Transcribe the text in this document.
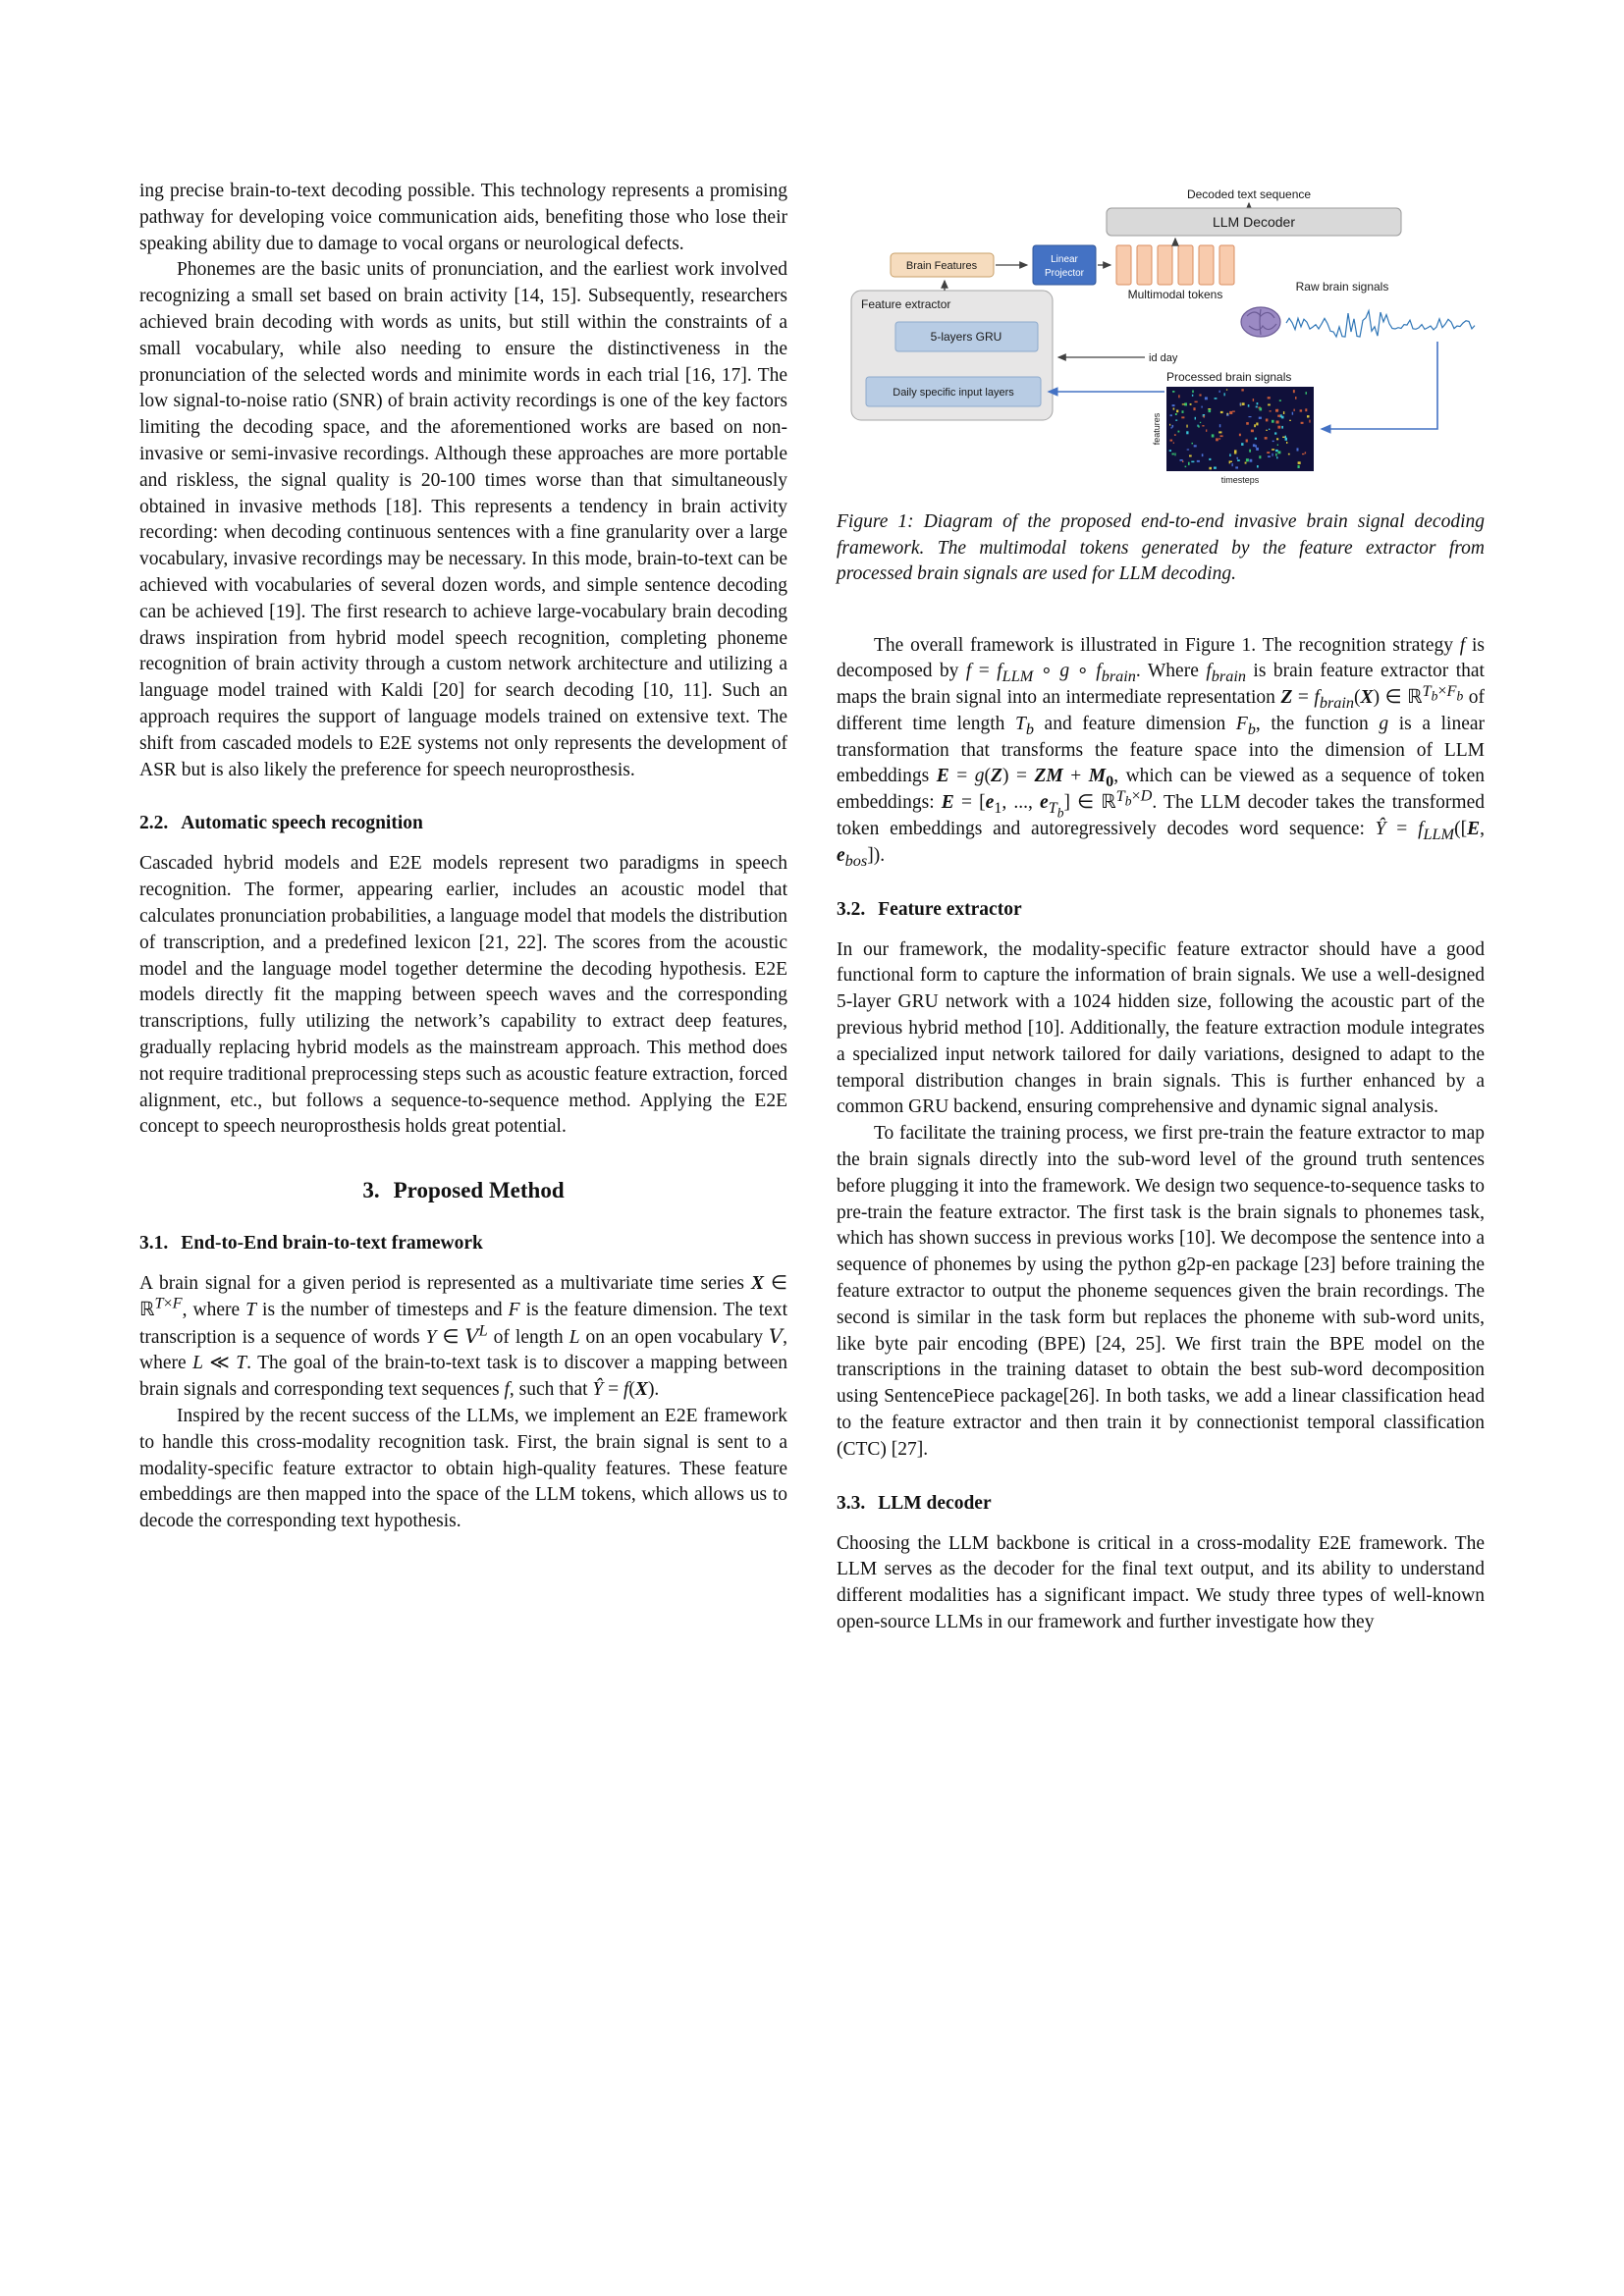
ing precise brain-to-text decoding possible. This technology represents a promising pathway for developing voice communication aids, benefiting those who lose their speaking ability due to damage to vocal organs or neurological defects.

Phonemes are the basic units of pronunciation, and the earliest work involved recognizing a small set based on brain activity [14, 15]. Subsequently, researchers achieved brain decoding with words as units, but still within the constraints of a small vocabulary, while also needing to ensure the distinctiveness in the pronunciation of the selected words and minimite words in each trial [16, 17]. The low signal-to-noise ratio (SNR) of brain activity recordings is one of the key factors limiting the decoding space, and the aforementioned works are based on non-invasive or semi-invasive recordings. Although these approaches are more portable and riskless, the signal quality is 20-100 times worse than that simultaneously obtained in invasive methods [18]. This represents a tendency in brain activity recording: when decoding continuous sentences with a fine granularity over a large vocabulary, invasive recordings may be necessary. In this mode, brain-to-text can be achieved with vocabularies of several dozen words, and simple sentence decoding can be achieved [19]. The first research to achieve large-vocabulary brain decoding draws inspiration from hybrid model speech recognition, completing phoneme recognition of brain activity through a custom network architecture and utilizing a language model trained with Kaldi [20] for search decoding [10, 11]. Such an approach requires the support of language models trained on extensive text. The shift from cascaded models to E2E systems not only represents the development of ASR but is also likely the preference for speech neuroprosthesis.

2.2. Automatic speech recognition

Cascaded hybrid models and E2E models represent two paradigms in speech recognition. The former, appearing earlier, includes an acoustic model that calculates pronunciation probabilities, a language model that models the distribution of transcription, and a predefined lexicon [21, 22]. The scores from the acoustic model and the language model together determine the decoding hypothesis. E2E models directly fit the mapping between speech waves and the corresponding transcriptions, fully utilizing the network’s capability to extract deep features, gradually replacing hybrid models as the mainstream approach. This method does not require traditional preprocessing steps such as acoustic feature extraction, forced alignment, etc., but follows a sequence-to-sequence method. Applying the E2E concept to speech neuroprosthesis holds great potential.

3. Proposed Method
3.1. End-to-End brain-to-text framework

A brain signal for a given period is represented as a multivariate time series X ∈ ℝ$^{T\times F}$, where T is the number of timesteps and F is the feature dimension. The text transcription is a sequence of words Y ∈ $V^L$ of length L on an open vocabulary V, where L ≪ T. The goal of the brain-to-text task is to discover a mapping between brain signals and corresponding text sequences f, such that Ŷ = f(X).

Inspired by the recent success of the LLMs, we implement an E2E framework to handle this cross-modality recognition task. First, the brain signal is sent to a modality-specific feature extractor to obtain high-quality features. These feature embeddings are then mapped into the space of the LLM tokens, which allows us to decode the corresponding text hypothesis.

Decoded text sequence
LLM Decoder
Brain Features
Linear
Projector
Multimodal tokens
Raw brain signals
Feature extractor
5-layers GRU
Daily specific input layers
id day
Processed brain signals
features
timesteps
Figure 1: Diagram of the proposed end-to-end invasive brain signal decoding framework. The multimodal tokens generated by the feature extractor from processed brain signals are used for LLM decoding.

The overall framework is illustrated in Figure 1. The recognition strategy f is decomposed by $f = f_{LLM}$ ∘ g ∘ $f_{brain}$. Where $f_{brain}$ is brain feature extractor that maps the brain signal into an intermediate representation $Z = f_{brain}(X)$ ∈ ℝ$^{T_b\times F_b}$ of different time length $T_b$ and feature dimension $F_b$, the function g is a linear transformation that transforms the feature space into the dimension of LLM embeddings E = g(Z) = ZM + $M_0$, which can be viewed as a sequence of token embeddings: $E = [e_1$, ..., $e_{T_b}$] ∈ ℝ$^{T_b\times D}$. The LLM decoder takes the transformed token embeddings and autoregressively decodes word sequence: Ŷ = $f_{LLM}([E$, $e_{bos}$]).

3.2. Feature extractor

In our framework, the modality-specific feature extractor should have a good functional form to capture the information of brain signals. We use a well-designed 5-layer GRU network with a 1024 hidden size, following the acoustic part of the previous hybrid method [10]. Additionally, the feature extraction module integrates a specialized input network tailored for daily variations, designed to adapt to the temporal distribution changes in brain signals. This is further enhanced by a common GRU backend, ensuring comprehensive and dynamic signal analysis.

To facilitate the training process, we first pre-train the feature extractor to map the brain signals directly into the sub-word level of the ground truth sentences before plugging it into the framework. We design two sequence-to-sequence tasks to pre-train the feature extractor. The first task is the brain signals to phonemes task, which has shown success in previous works [10]. We decompose the sentence into a sequence of phonemes by using the python g2p-en package [23] before training the feature extractor to output the phoneme sequences given the brain recordings. The second is similar in the task form but replaces the phoneme with sub-word units, like byte pair encoding (BPE) [24, 25]. We first train the BPE model on the transcriptions in the training dataset to obtain the best sub-word decomposition using SentencePiece package[26]. In both tasks, we add a linear classification head to the feature extractor and then train it by connectionist temporal classification (CTC) [27].

3.3. LLM decoder

Choosing the LLM backbone is critical in a cross-modality E2E framework. The LLM serves as the decoder for the final text output, and its ability to understand different modalities has a significant impact. We study three types of well-known open-source LLMs in our framework and further investigate how they
